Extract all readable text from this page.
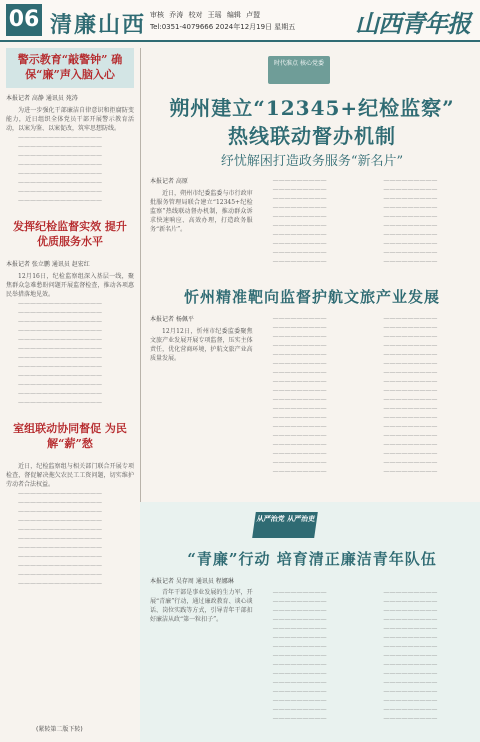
06 清廉山西 审核 乔涛 校对 王瑶 编辑 卢盟
Tel:0351-4079666 2024年12月19日 星期五 山西青年报
警示教育“敲警钟” 确保“廉”声入脑入心
本报记者 高静 通讯员 苑涛
为进一步强化干部廉洁自律意识和拒腐防变能力，近日组织全体党员干部开展警示教育活动，以案为鉴、以案促改，筑牢思想防线。
——————————————
——————————————
——————————————
——————————————
——————————————
——————————————
——————————————
——————————————
发挥纪检监督实效 提升优质服务水平
本报记者 张立鹏 通讯员 赵宏红
12月16日，纪检监察组深入基层一线，聚焦群众急难愁盼问题开展监督检查，推动各项惠民举措落地见效。
——————————————
——————————————
——————————————
——————————————
——————————————
——————————————
——————————————
——————————————
——————————————
——————————————
——————————————
——————————————
室组联动协同督促 为民解“薪”愁
近日，纪检监察组与相关部门联合开展专项检查，督促解决拖欠农民工工资问题，切实维护劳动者合法权益。
——————————————
——————————————
——————————————
——————————————
——————————————
——————————————
——————————————
——————————————
——————————————
——————————————
——————————————
(紧转第二版下转)
时代准点 核心党委
朔州建立“12345+纪检监察”
热线联动督办机制
纾忧解困打造政务服务“新名片”
本报记者 高原
近日，朔州市纪委监委与市行政审批服务管理局联合建立“12345+纪检监察”热线联动督办机制，推动群众诉求快速响应、高效办理，打造政务服务“新名片”。
—————————
—————————
—————————
—————————
—————————
—————————
—————————
—————————
—————————
—————————
—————————
—————————
—————————
—————————
—————————
—————————
—————————
—————————
—————————
—————————
忻州精准靶向监督护航文旅产业发展
本报记者 杨佩平
12月12日，忻州市纪委监委聚焦文旅产业发展开展专项监督，压实主体责任，优化营商环境，护航文旅产业高质量发展。
—————————
—————————
—————————
—————————
—————————
—————————
—————————
—————————
—————————
—————————
—————————
—————————
—————————
—————————
—————————
—————————
—————————
—————————
—————————
—————————
—————————
—————————
—————————
—————————
—————————
—————————
—————————
—————————
—————————
—————————
—————————
—————————
—————————
—————————
—————————
—————————
从严治党 从严治吏
“青廉”行动 培育清正廉洁青年队伍
本报记者 吴存周 通讯员 程娜琳
青年干部是事业发展的生力军，开展“青廉”行动，通过廉政教育、谈心谈话、岗位实践等方式，引导青年干部扣好廉洁从政“第一粒扣子”。
—————————
—————————
—————————
—————————
—————————
—————————
—————————
—————————
—————————
—————————
—————————
—————————
—————————
—————————
—————————
—————————
—————————
—————————
—————————
—————————
—————————
—————————
—————————
—————————
—————————
—————————
—————————
—————————
—————————
—————————
